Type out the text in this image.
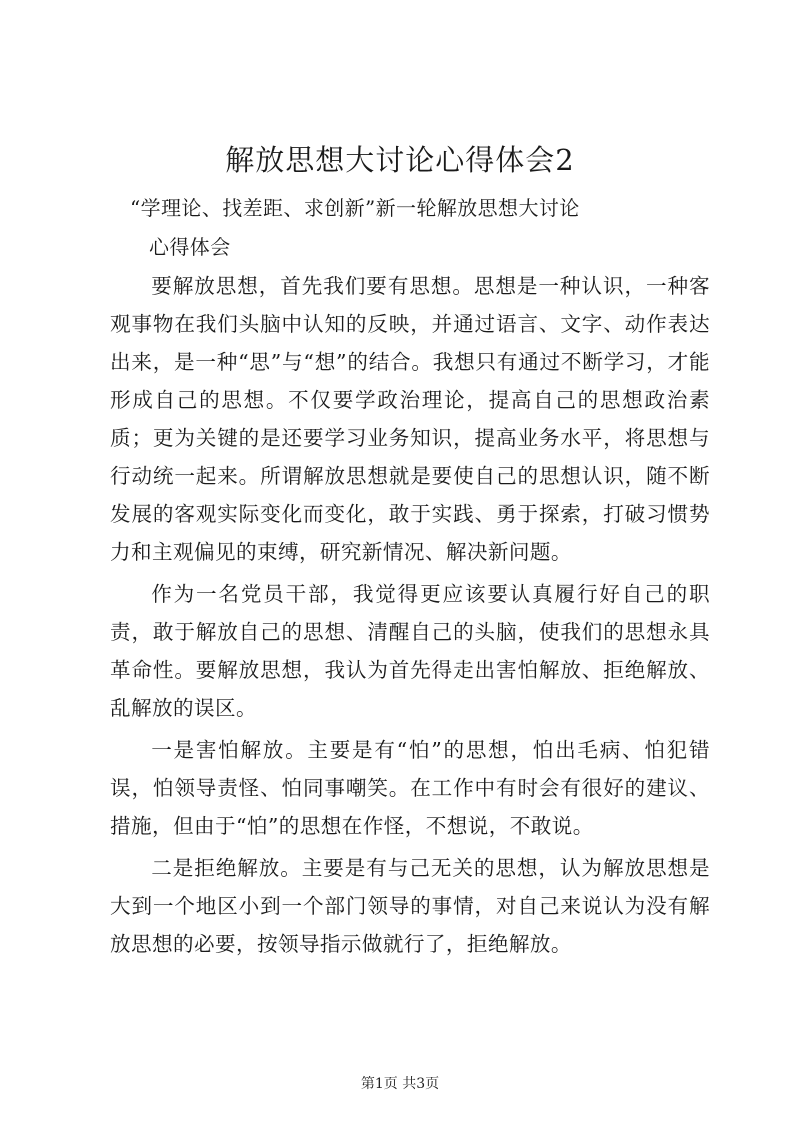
解放思想大讨论心得体会2

“学理论、找差距、求创新”新一轮解放思想大讨论

心得体会

要解放思想，首先我们要有思想。思想是一种认识，一种客观事物在我们头脑中认知的反映，并通过语言、文字、动作表达出来，是一种“思”与“想”的结合。我想只有通过不断学习，才能形成自己的思想。不仅要学政治理论，提高自己的思想政治素质；更为关键的是还要学习业务知识，提高业务水平，将思想与行动统一起来。所谓解放思想就是要使自己的思想认识，随不断发展的客观实际变化而变化，敢于实践、勇于探索，打破习惯势力和主观偏见的束缚，研究新情况、解决新问题。

作为一名党员干部，我觉得更应该要认真履行好自己的职责，敢于解放自己的思想、清醒自己的头脑，使我们的思想永具革命性。要解放思想，我认为首先得走出害怕解放、拒绝解放、乱解放的误区。

一是害怕解放。主要是有“怕”的思想，怕出毛病、怕犯错误，怕领导责怪、怕同事嘲笑。在工作中有时会有很好的建议、措施，但由于“怕”的思想在作怪，不想说，不敢说。

二是拒绝解放。主要是有与己无关的思想，认为解放思想是大到一个地区小到一个部门领导的事情，对自己来说认为没有解放思想的必要，按领导指示做就行了，拒绝解放。

第1页 共3页
